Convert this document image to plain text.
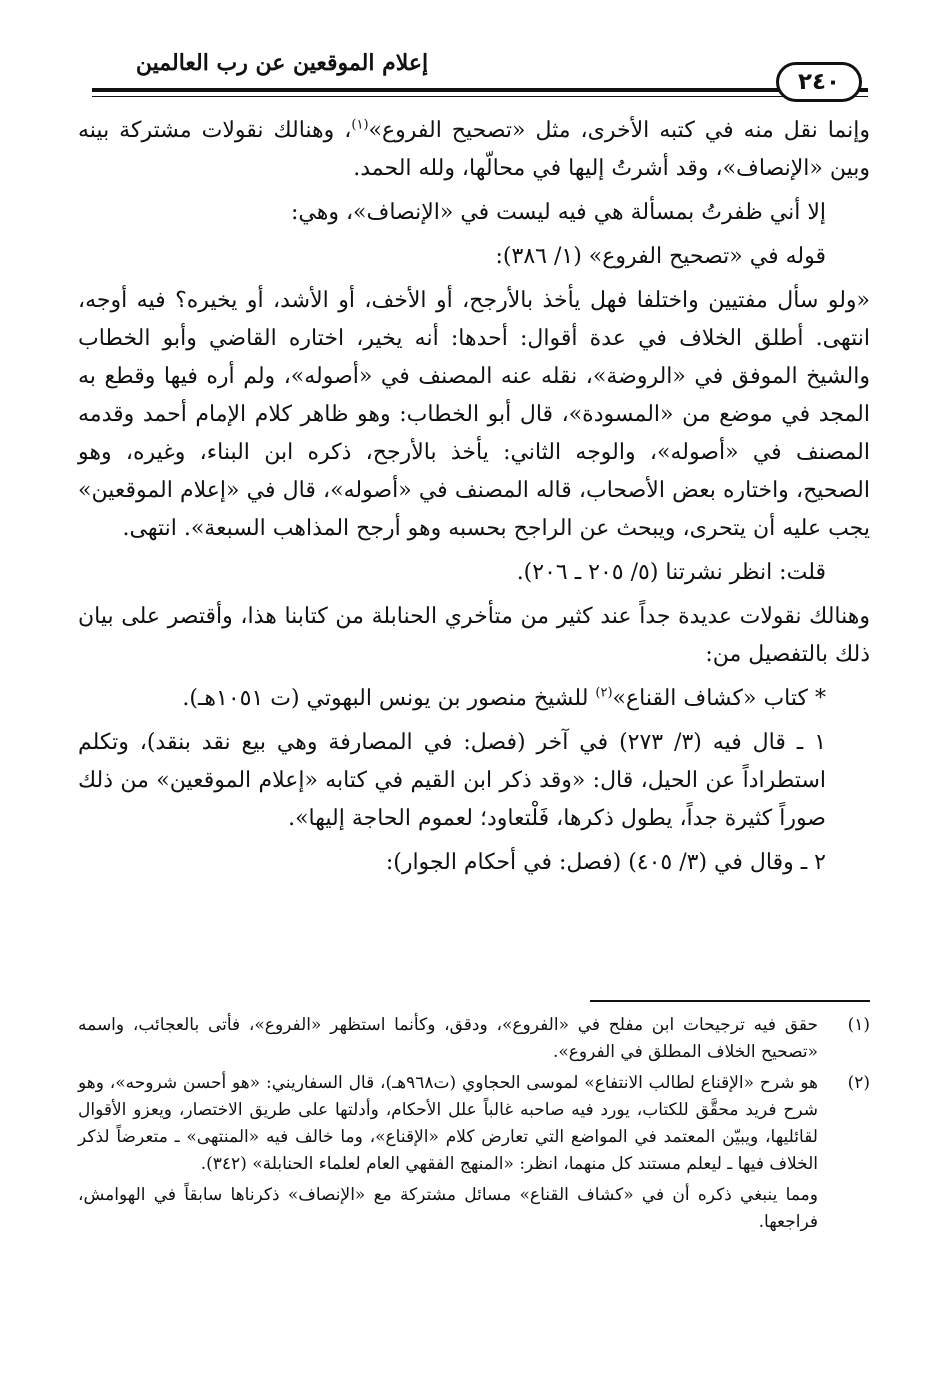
إعلام الموقعين عن رب العالمين
٢٤٠

وإنما نقل منه في كتبه الأخرى، مثل «تصحيح الفروع»$^{(١)}$، وهنالك نقولات مشتركة بينه وبين «الإنصاف»، وقد أشرتُ إليها في محالّها، ولله الحمد.

إلا أني ظفرتُ بمسألة هي فيه ليست في «الإنصاف»، وهي:

قوله في «تصحيح الفروع» (١/ ٣٨٦):

«ولو سأل مفتيين واختلفا فهل يأخذ بالأرجح، أو الأخف، أو الأشد، أو يخيره؟ فيه أوجه، انتهى. أطلق الخلاف في عدة أقوال: أحدها: أنه يخير، اختاره القاضي وأبو الخطاب والشيخ الموفق في «الروضة»، نقله عنه المصنف في «أصوله»، ولم أره فيها وقطع به المجد في موضع من «المسودة»، قال أبو الخطاب: وهو ظاهر كلام الإمام أحمد وقدمه المصنف في «أصوله»، والوجه الثاني: يأخذ بالأرجح، ذكره ابن البناء، وغيره، وهو الصحيح، واختاره بعض الأصحاب، قاله المصنف في «أصوله»، قال في «إعلام الموقعين» يجب عليه أن يتحرى، ويبحث عن الراجح بحسبه وهو أرجح المذاهب السبعة». انتهى.

قلت: انظر نشرتنا (٥/ ٢٠٥ ـ ٢٠٦).

وهنالك نقولات عديدة جداً عند كثير من متأخري الحنابلة من كتابنا هذا، وأقتصر على بيان ذلك بالتفصيل من:

* كتاب «كشاف القناع»$^{(٢)}$ للشيخ منصور بن يونس البهوتي (ت ١٠٥١هـ).

١ ـ قال فيه (٣/ ٢٧٣) في آخر (فصل: في المصارفة وهي بيع نقد بنقد)، وتكلم استطراداً عن الحيل، قال: «وقد ذكر ابن القيم في كتابه «إعلام الموقعين» من ذلك صوراً كثيرة جداً، يطول ذكرها، فَلْتعاود؛ لعموم الحاجة إليها».

٢ ـ وقال في (٣/ ٤٠٥) (فصل: في أحكام الجوار):

(١)
حقق فيه ترجيحات ابن مفلح في «الفروع»، ودقق، وكأنما استظهر «الفروع»، فأتى بالعجائب، واسمه «تصحيح الخلاف المطلق في الفروع».
(٢)
هو شرح «الإقناع لطالب الانتفاع» لموسى الحجاوي (ت٩٦٨هـ)، قال السفاريني: «هو أحسن شروحه»، وهو شرح فريد محقَّق للكتاب، يورد فيه صاحبه غالباً علل الأحكام، وأدلتها على طريق الاختصار، ويعزو الأقوال لقائليها، ويبيّن المعتمد في المواضع التي تعارض كلام «الإقناع»، وما خالف فيه «المنتهى» ـ متعرضاً لذكر الخلاف فيها ـ ليعلم مستند كل منهما، انظر: «المنهج الفقهي العام لعلماء الحنابلة» (٣٤٢).
ومما ينبغي ذكره أن في «كشاف القناع» مسائل مشتركة مع «الإنصاف» ذكرناها سابقاً في الهوامش، فراجعها.
